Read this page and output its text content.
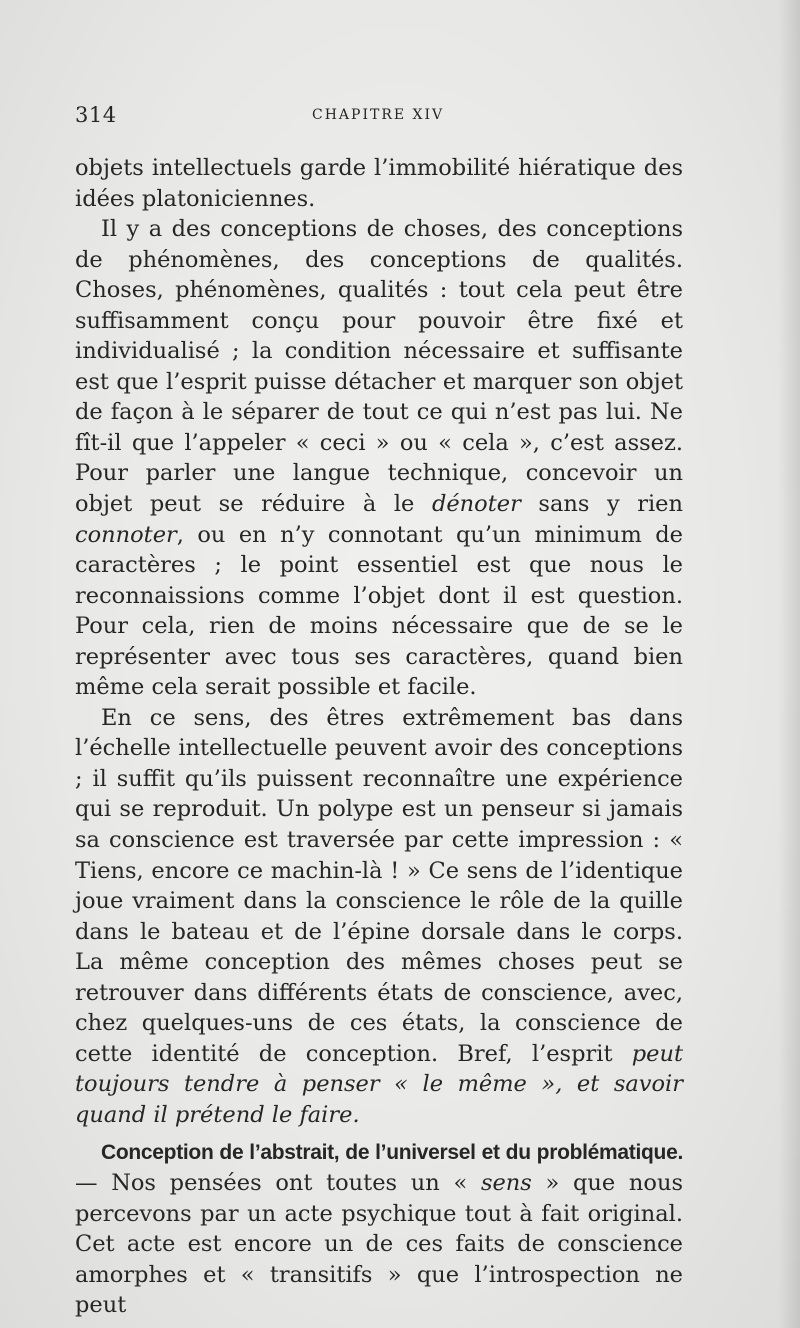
314	CHAPITRE XIV

objets intellectuels garde l’immobilité hiératique des idées platoniciennes.

Il y a des conceptions de choses, des conceptions de phénomènes, des conceptions de qualités. Choses, phénomènes, qualités : tout cela peut être suffisamment conçu pour pouvoir être fixé et individualisé ; la condition nécessaire et suffisante est que l’esprit puisse détacher et marquer son objet de façon à le séparer de tout ce qui n’est pas lui. Ne fît-il que l’appeler « ceci » ou « cela », c’est assez. Pour parler une langue technique, concevoir un objet peut se réduire à le dénoter sans y rien connoter, ou en n’y connotant qu’un minimum de caractères ; le point essentiel est que nous le reconnaissions comme l’objet dont il est question. Pour cela, rien de moins nécessaire que de se le représenter avec tous ses caractères, quand bien même cela serait possible et facile.

En ce sens, des êtres extrêmement bas dans l’échelle intellectuelle peuvent avoir des conceptions ; il suffit qu’ils puissent reconnaître une expérience qui se reproduit. Un polype est un penseur si jamais sa conscience est traversée par cette impression : « Tiens, encore ce machin-là ! » Ce sens de l’identique joue vraiment dans la conscience le rôle de la quille dans le bateau et de l’épine dorsale dans le corps. La même conception des mêmes choses peut se retrouver dans différents états de conscience, avec, chez quelques-uns de ces états, la conscience de cette identité de conception. Bref, l’esprit peut toujours tendre à penser « le même », et savoir quand il prétend le faire.

Conception de l’abstrait, de l’universel et du problématique. — Nos pensées ont toutes un « sens » que nous percevons par un acte psychique tout à fait original. Cet acte est encore un de ces faits de conscience amorphes et « transitifs » que l’introspection ne peut
